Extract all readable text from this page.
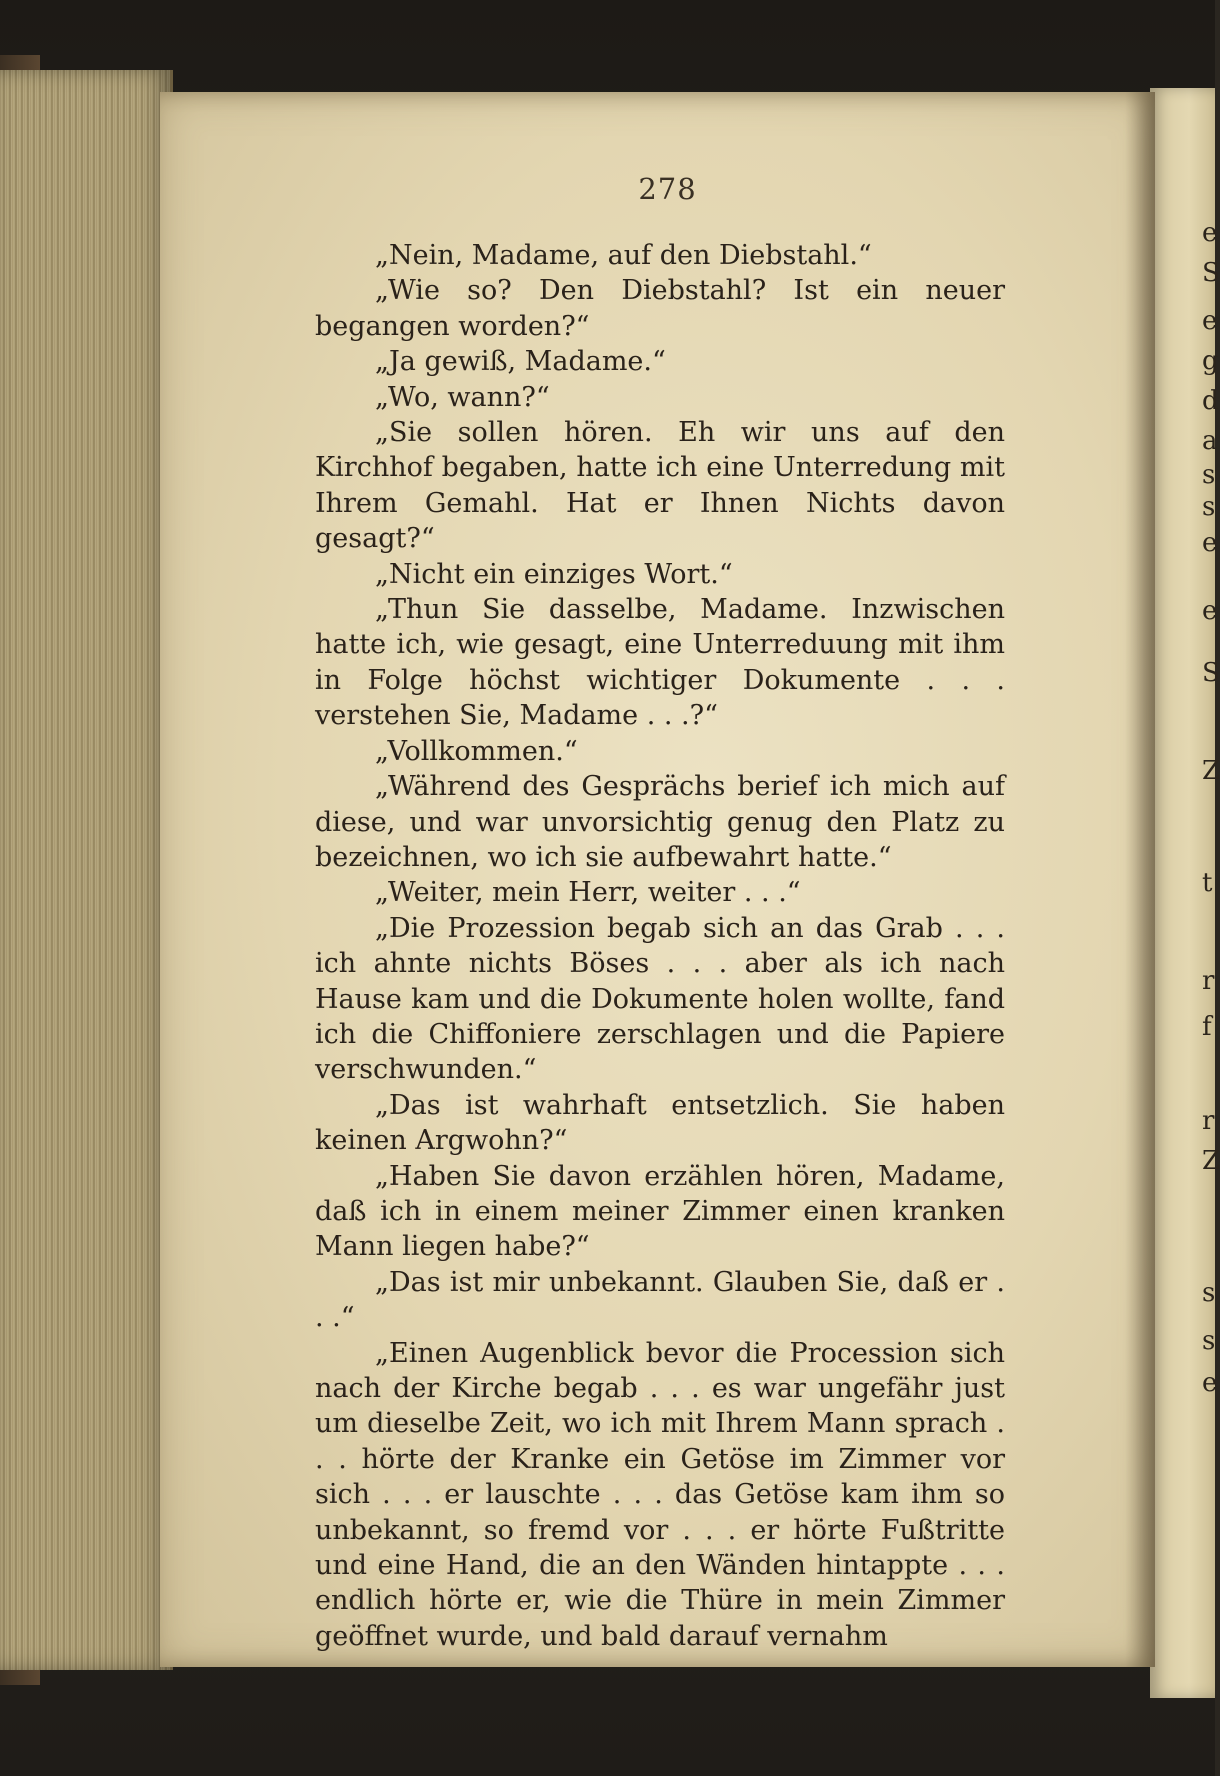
e
S
e
g
d
a
s
s
e
e
S
Z
t
r
f
r
Z
s
s
e
278

„Nein, Madame, auf den Diebstahl.“

„Wie so? Den Diebstahl? Ist ein neuer begangen worden?“

„Ja gewiß, Madame.“

„Wo, wann?“

„Sie sollen hören. Eh wir uns auf den Kirchhof begaben, hatte ich eine Unterredung mit Ihrem Gemahl. Hat er Ihnen Nichts davon gesagt?“

„Nicht ein einziges Wort.“

„Thun Sie dasselbe, Madame. Inzwischen hatte ich, wie gesagt, eine Unterreduung mit ihm in Folge höchst wichtiger Dokumente . . . verstehen Sie, Madame . . .?“

„Vollkommen.“

„Während des Gesprächs berief ich mich auf diese, und war unvorsichtig genug den Platz zu bezeichnen, wo ich sie aufbewahrt hatte.“

„Weiter, mein Herr, weiter . . .“

„Die Prozession begab sich an das Grab . . . ich ahnte nichts Böses . . . aber als ich nach Hause kam und die Dokumente holen wollte, fand ich die Chiffoniere zerschlagen und die Papiere verschwunden.“

„Das ist wahrhaft entsetzlich. Sie haben keinen Argwohn?“

„Haben Sie davon erzählen hören, Madame, daß ich in einem meiner Zimmer einen kranken Mann liegen habe?“

„Das ist mir unbekannt. Glauben Sie, daß er . . .“

„Einen Augenblick bevor die Procession sich nach der Kirche begab . . . es war ungefähr just um dieselbe Zeit, wo ich mit Ihrem Mann sprach . . . hörte der Kranke ein Getöse im Zimmer vor sich . . . er lauschte . . . das Getöse kam ihm so unbekannt, so fremd vor . . . er hörte Fußtritte und eine Hand, die an den Wänden hintappte . . . endlich hörte er, wie die Thüre in mein Zimmer geöffnet wurde, und bald darauf vernahm
